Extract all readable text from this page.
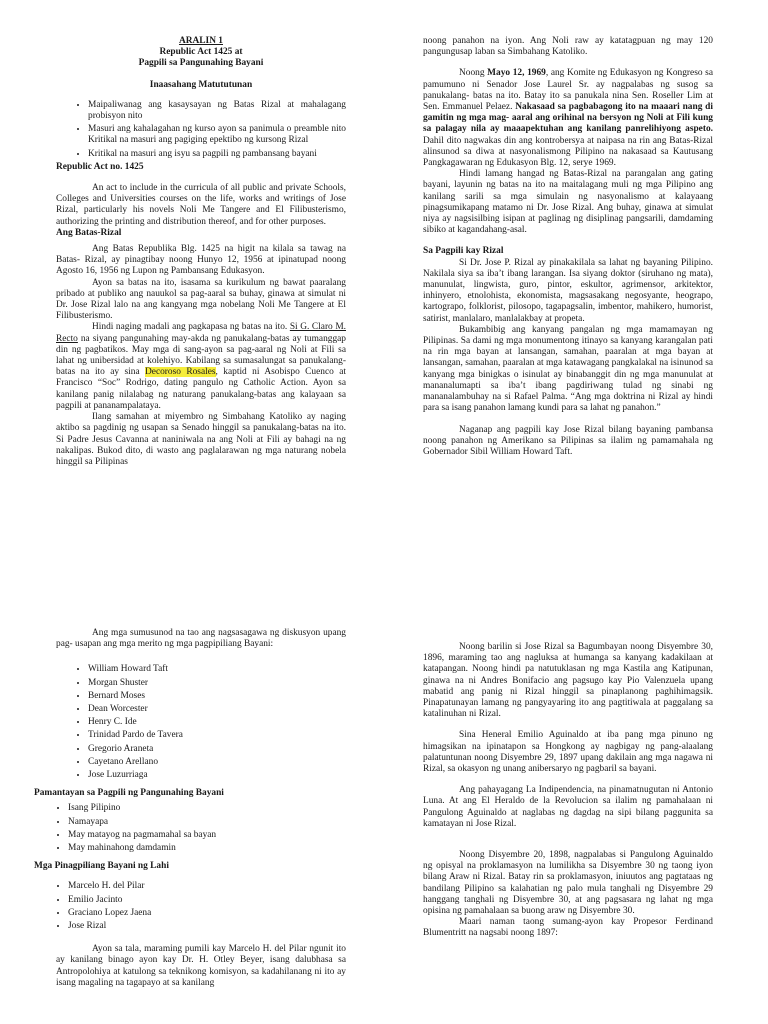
ARALIN 1

Republic Act 1425 at

Pagpili sa Pangunahing Bayani

Inaasahang Matututunan

• Maipaliwanag ang kasaysayan ng Batas Rizal at mahalagang probisyon nito
• Masuri ang kahalagahan ng kurso ayon sa panimula o preamble nito Kritikal na masuri ang pagiging epektibo ng kursong Rizal
• Kritikal na masuri ang isyu sa pagpili ng pambansang bayani

Republic Act no. 1425

An act to include in the curricula of all public and private Schools, Colleges and Universities courses on the life, works and writings of Jose Rizal, particularly his novels Noli Me Tangere and El Filibusterismo, authorizing the printing and distribution thereof, and for other purposes.

Ang Batas-Rizal

Ang Batas Republika Blg. 1425 na higit na kilala sa tawag na Batas- Rizal, ay pinagtibay noong Hunyo 12, 1956 at ipinatupad noong Agosto 16, 1956 ng Lupon ng Pambansang Edukasyon.

Ayon sa batas na ito, isasama sa kurikulum ng bawat paaralang pribado at publiko ang nauukol sa pag-aaral sa buhay, ginawa at simulat ni Dr. Jose Rizal lalo na ang kangyang mga nobelang Noli Me Tangere at El Filibusterismo.

Hindi naging madali ang pagkapasa ng batas na ito. Si G. Claro M. Recto na siyang pangunahing may-akda ng panukalang-batas ay tumanggap din ng pagbatikos. May mga di sang-ayon sa pag-aaral ng Noli at Fili sa lahat ng unibersidad at kolehiyo. Kabilang sa sumasalungat sa panukalang-batas na ito ay sina Decoroso Rosales, kaptid ni Asobispo Cuenco at Francisco “Soc” Rodrigo, dating pangulo ng Catholic Action. Ayon sa kanilang panig nilalabag ng naturang panukalang-batas ang kalayaan sa pagpili at pananampalataya.

Ilang samahan at miyembro ng Simbahang Katoliko ay naging aktibo sa pagdinig ng usapan sa Senado hinggil sa panukalang-batas na ito. Si Padre Jesus Cavanna at naniniwala na ang Noli at Fili ay bahagi na ng nakalipas. Bukod dito, di wasto ang paglalarawan ng mga naturang nobela hinggil sa Pilipinas

noong panahon na iyon. Ang Noli raw ay katatagpuan ng may 120 pangungusap laban sa Simbahang Katoliko.

Noong Mayo 12, 1969, ang Komite ng Edukasyon ng Kongreso sa pamumuno ni Senador Jose Laurel Sr. ay nagpalabas ng susog sa panukalang- batas na ito. Batay ito sa panukala nina Sen. Roseller Lim at Sen. Emmanuel Pelaez. Nakasaad sa pagbabagong ito na maaari nang di gamitin ng mga mag- aaral ang orihinal na bersyon ng Noli at Fili kung sa palagay nila ay maaapektuhan ang kanilang panrelihiyong aspeto. Dahil dito nagwakas din ang kontrobersya at naipasa na rin ang Batas-Rizal alinsunod sa diwa at nasyonalismong Pilipino na nakasaad sa Kautusang Pangkagawaran ng Edukasyon Blg. 12, serye 1969.

Hindi lamang hangad ng Batas-Rizal na parangalan ang gating bayani, layunin ng batas na ito na maitalagang muli ng mga Pilipino ang kanilang sarili sa mga simulain ng nasyonalismo at kalayaang pinagsumikapang matamo ni Dr. Jose Rizal. Ang buhay, ginawa at simulat niya ay nagsisilbing isipan at paglinag ng disiplinag pangsarili, damdaming sibiko at kagandahang-asal.

Sa Pagpili kay Rizal

Si Dr. Jose P. Rizal ay pinakakilala sa lahat ng bayaning Pilipino. Nakilala siya sa iba’t ibang larangan. Isa siyang doktor (siruhano ng mata), manunulat, lingwista, guro, pintor, eskultor, agrimensor, arkitektor, inhinyero, etnolohista, ekonomista, magsasakang negosyante, heograpo, kartograpo, folklorist, pilosopo, tagapagsalin, imbentor, mahikero, humorist, satirist, manlalaro, manlalakbay at propeta.

Bukambibig ang kanyang pangalan ng mga mamamayan ng Pilipinas. Sa dami ng mga monumentong itinayo sa kanyang karangalan pati na rin mga bayan at lansangan, samahan, paaralan at mga bayan at lansangan, samahan, paaralan at mga katawagang pangkalakal na isinunod sa kanyang mga binigkas o isinulat ay binabanggit din ng mga manunulat at mananalumapti sa iba’t ibang pagdiriwang tulad ng sinabi ng mananalambuhay na si Rafael Palma. “Ang mga doktrina ni Rizal ay hindi para sa isang panahon lamang kundi para sa lahat ng panahon.”

Naganap ang pagpili kay Jose Rizal bilang bayaning pambansa noong panahon ng Amerikano sa Pilipinas sa ilalim ng pamamahala ng Gobernador Sibil William Howard Taft.

Ang mga sumusunod na tao ang nagsasagawa ng diskusyon upang pag- usapan ang mga merito ng mga pagpipiliang Bayani:

• William Howard Taft
• Morgan Shuster
• Bernard Moses
• Dean Worcester
• Henry C. Ide
• Trinidad Pardo de Tavera
• Gregorio Araneta
• Cayetano Arellano
• Jose Luzurriaga

Pamantayan sa Pagpili ng Pangunahing Bayani

• Isang Pilipino
• Namayapa
• May matayog na pagmamahal sa bayan
• May mahinahong damdamin

Mga Pinagpiliang Bayani ng Lahi

• Marcelo H. del Pilar
• Emilio Jacinto
• Graciano Lopez Jaena
• Jose Rizal

Ayon sa tala, maraming pumili kay Marcelo H. del Pilar ngunit ito ay kanilang binago ayon kay Dr. H. Otley Beyer, isang dalubhasa sa Antropolohiya at katulong sa teknikong komisyon, sa kadahilanang ni ito ay isang magaling na tagapayo at sa kanilang

Noong barilin si Jose Rizal sa Bagumbayan noong Disyembre 30, 1896, maraming tao ang nagluksa at humanga sa kanyang kadakilaan at katapangan. Noong hindi pa natutuklasan ng mga Kastila ang Katipunan, ginawa na ni Andres Bonifacio ang pagsugo kay Pio Valenzuela upang mabatid ang panig ni Rizal hinggil sa pinaplanong paghihimagsik. Pinapatunayan lamang ng pangyayaring ito ang pagtitiwala at paggalang sa katalinuhan ni Rizal.

Sina Heneral Emilio Aguinaldo at iba pang mga pinuno ng himagsikan na ipinatapon sa Hongkong ay nagbigay ng pang-alaalang palatuntunan noong Disyembre 29, 1897 upang dakilain ang mga nagawa ni Rizal, sa okasyon ng unang anibersaryo ng pagbaril sa bayani.

Ang pahayagang La Indipendencia, na pinamatnugutan ni Antonio Luna. At ang El Heraldo de la Revolucion sa ilalim ng pamahalaan ni Pangulong Aguinaldo at naglabas ng dagdag na sipi bilang paggunita sa kamatayan ni Jose Rizal.

Noong Disyembre 20, 1898, nagpalabas si Pangulong Aguinaldo ng opisyal na proklamasyon na lumilikha sa Disyembre 30 ng taong iyon bilang Araw ni Rizal. Batay rin sa proklamasyon, iniuutos ang pagtataas ng bandilang Pilipino sa kalahatian ng palo mula tanghali ng Disyembre 29 hanggang tanghali ng Disyembre 30, at ang pagsasara ng lahat ng mga opisina ng pamahalaan sa buong araw ng Disyembre 30.

Maari naman taong sumang-ayon kay Propesor Ferdinand Blumentritt na nagsabi noong 1897:
